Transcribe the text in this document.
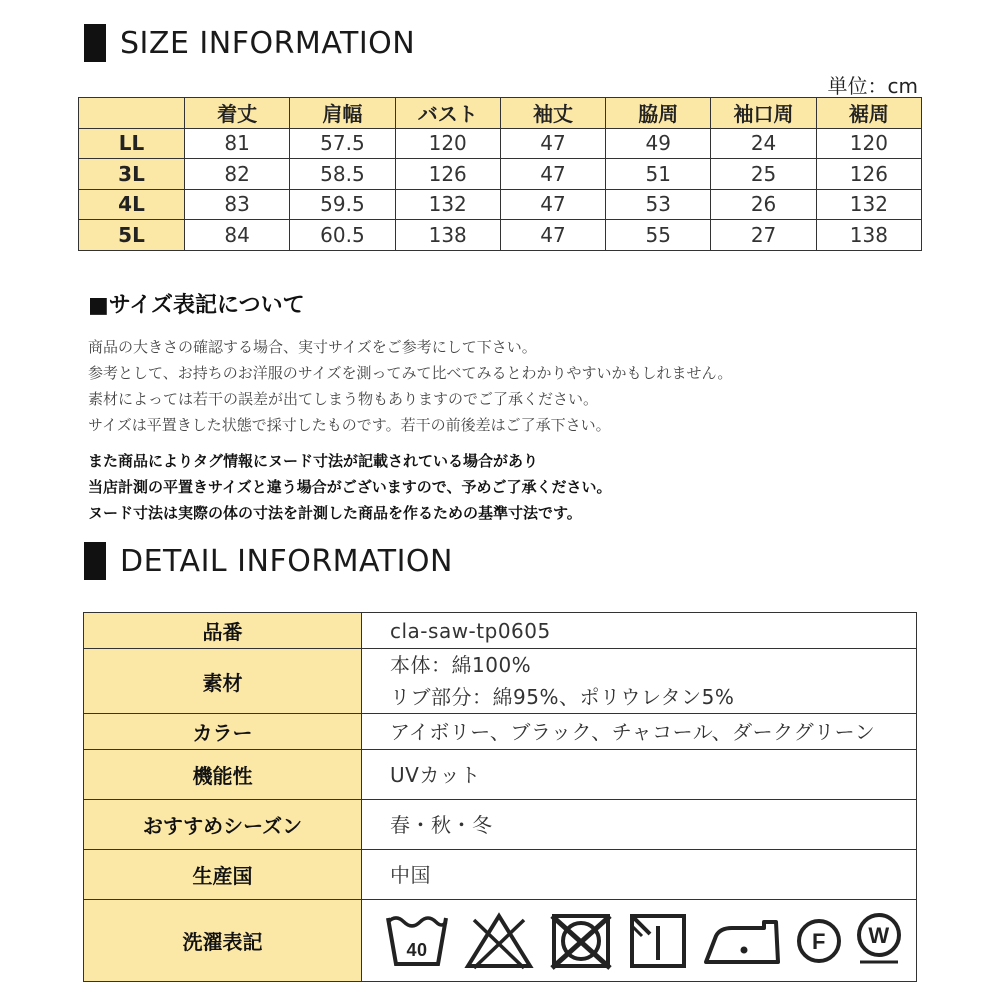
SIZE INFORMATION
単位：cm
	着丈	肩幅	バスト	袖丈	脇周	袖口周	裾周
LL	81	57.5	120	47	49	24	120
3L	82	58.5	126	47	51	25	126
4L	83	59.5	132	47	53	26	132
5L	84	60.5	138	47	55	27	138
■サイズ表記について
商品の大きさの確認する場合、実寸サイズをご参考にして下さい。
参考として、お持ちのお洋服のサイズを測ってみて比べてみるとわかりやすいかもしれません。
素材によっては若干の誤差が出てしまう物もありますのでご了承ください。
サイズは平置きした状態で採寸したものです。若干の前後差はご了承下さい。
また商品によりタグ情報にヌード寸法が記載されている場合があり
当店計測の平置きサイズと違う場合がございますので、予めご了承ください。
ヌード寸法は実際の体の寸法を計測した商品を作るための基準寸法です。
DETAIL INFORMATION
品番	cla-saw-tp0605

素材	本体：綿100%
リブ部分：綿95%、ポリウレタン5%

カラー	アイボリー、ブラック、チャコール、ダークグリーン

機能性	UVカット

おすすめシーズン	春・秋・冬

生産国	中国

洗濯表記	40 F W
